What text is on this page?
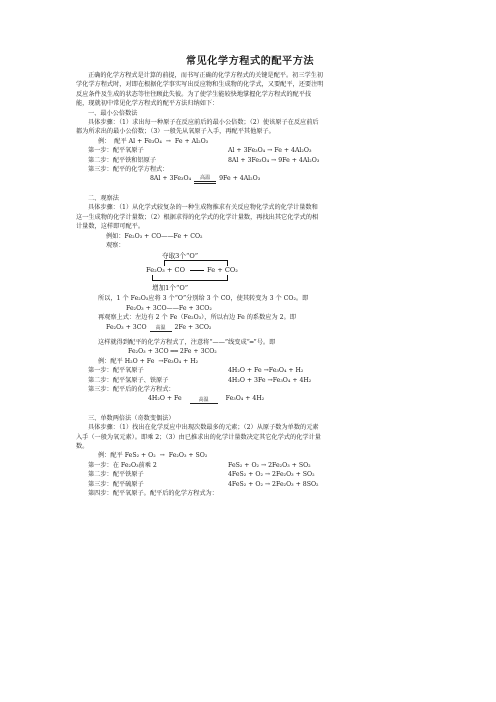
常见化学方程式的配平方法

正确的化学方程式是计算的前提，而书写正确的化学方程式的关键是配平。初三学生初

学化学方程式时，对即在根据化学事实写出反应物和生成物的化学式，又要配平，还要注明

反应条件及生成的状态等往往顾此失彼。为了使学生能较快地掌握化学方程式的配平技

能，现就初中常见化学方程式的配平方法归纳如下：

一、最小公倍数法

具体步骤：（1）求出每一种原子在反应前后的最小公倍数；（2）使该原子在反应前后

都为所求出的最小公倍数；（3）一般先从氧原子入手，再配平其他原子。

例：  配平 Al + Fe₃O₄  →  Fe + Al₂O₃

第一步：配平氧原子	Al + 3Fe₃O₄ → Fe + 4Al₂O₃
第二步：配平铁和铝原子	8Al + 3Fe₃O₄ → 9Fe + 4Al₂O₃

第三步：配平的化学方程式：

8Al + 3Fe₃O₄ 高温 9Fe + 4Al₂O₃

二、观察法

具体步骤：（1）从化学式较复杂的一种生成物推求有关反应物化学式的化学计量数和

这一生成物的化学计量数；（2）根据求得的化学式的化学计量数，再找出其它化学式的相

计量数，这样即可配平。

例如：Fe₂O₃ + CO——Fe + CO₂

观察：

夺取3个“O”
Fe₂O₃ + CO	Fe + CO₂
增加1个“O”

所以，1 个 Fe₂O₃应将 3 个“O”分别给 3 个 CO，使其转变为 3 个 CO₂。即

Fe₂O₃ + 3CO——Fe + 3CO₂

再观察上式：左边有 2 个 Fe（Fe₂O₃），所以右边 Fe 的系数应为 2。即

Fe₂O₃ + 3CO 高温 2Fe + 3CO₂

这样就得到配平的化学方程式了，注意将“——”线变成“═”号。即

Fe₂O₃ + 3CO ══ 2Fe + 3CO₂

例：配平 H₂O + Fe  →Fe₃O₄ + H₂

第一步：配平氧原子	4H₂O + Fe →Fe₃O₄ + H₂
第二步：配平氢原子、铁原子	4H₂O + 3Fe →Fe₃O₄ + 4H₂

第三步：配平后的化学方程式：

4H₂O + Fe	高温	Fe₃O₄ + 4H₂

三、单数两倍法（奇数变偶法）

具体步骤：（1）找出在化学反应中出现次数最多的元素；（2）从原子数为单数的元素

入手（一般为氧元素）。即乘 2；（3）由已推求出的化学计量数决定其它化学式的化学计量

数。

例：配平 FeS₂ + O₂  →  Fe₂O₃ + SO₂

第一步：在 Fe₂O₃前乘 2	FeS₂ + O₂ → 2Fe₂O₃ + SO₂
第二步：配平铁原子	4FeS₂ + O₂ → 2Fe₂O₃ + SO₂
第三步：配平硫原子	4FeS₂ + O₂ → 2Fe₂O₃ + 8SO₂

第四步：配平氧原子。配平后的化学方程式为：
